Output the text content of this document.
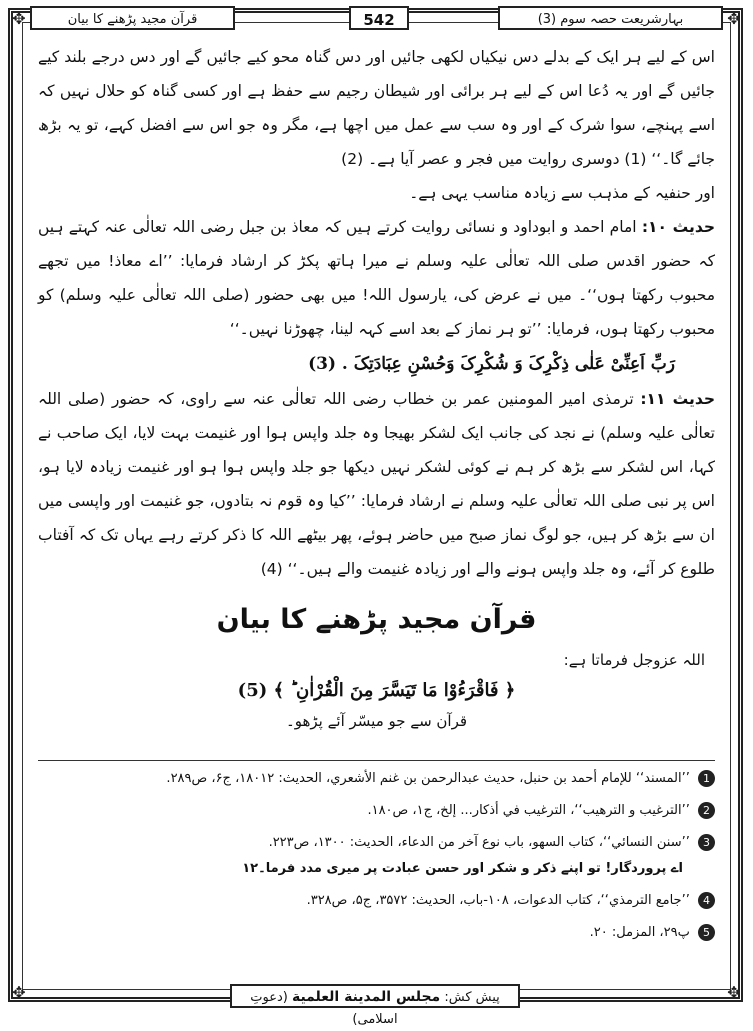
✥	✥
✥	✥
بہارشریعت حصہ سوم (3)
542
قرآن مجید پڑھنے کا بیان

اس کے لیے ہر ایک کے بدلے دس نیکیاں لکھی جائیں اور دس گناہ محو کیے جائیں گے اور دس درجے بلند کیے جائیں گے اور یہ دُعا اس کے لیے ہر برائی اور شیطان رجیم سے حفظ ہے اور کسی گناہ کو حلال نہیں کہ اسے پہنچے، سوا شرک کے اور وہ سب سے عمل میں اچھا ہے، مگر وہ جو اس سے افضل کہے، تو یہ بڑھ جائے گا۔‘‘ (1) دوسری روایت میں فجر و عصر آیا ہے۔ (2)

اور حنفیہ کے مذہب سے زیادہ مناسب یہی ہے۔

حدیث ۱۰: امام احمد و ابوداود و نسائی روایت کرتے ہیں کہ معاذ بن جبل رضی اللہ تعالٰی عنہ کہتے ہیں کہ حضور اقدس صلی اللہ تعالٰی علیہ وسلم نے میرا ہاتھ پکڑ کر ارشاد فرمایا: ’’اے معاذ! میں تجھے محبوب رکھتا ہوں‘‘۔ میں نے عرض کی، یارسول اللہ! میں بھی حضور (صلی اللہ تعالٰی علیہ وسلم) کو محبوب رکھتا ہوں، فرمایا: ’’تو ہر نماز کے بعد اسے کہہ لینا، چھوڑنا نہیں۔‘‘

رَبِّ اَعِنِّیْ عَلٰی ذِکْرِکَ وَ شُکْرِکَ وَحُسْنِ عِبَادَتِکَ . (3)

حدیث ۱۱: ترمذی امیر المومنین عمر بن خطاب رضی اللہ تعالٰی عنہ سے راوی، کہ حضور (صلی اللہ تعالٰی علیہ وسلم) نے نجد کی جانب ایک لشکر بھیجا وہ جلد واپس ہوا اور غنیمت بہت لایا، ایک صاحب نے کہا، اس لشکر سے بڑھ کر ہم نے کوئی لشکر نہیں دیکھا جو جلد واپس ہوا ہو اور غنیمت زیادہ لایا ہو، اس پر نبی صلی اللہ تعالٰی علیہ وسلم نے ارشاد فرمایا: ’’کیا وہ قوم نہ بتادوں، جو غنیمت اور واپسی میں ان سے بڑھ کر ہیں، جو لوگ نماز صبح میں حاضر ہوئے، پھر بیٹھے اللہ کا ذکر کرتے رہے یہاں تک کہ آفتاب طلوع کر آئے، وہ جلد واپس ہونے والے اور زیادہ غنیمت والے ہیں۔‘‘ (4)

قرآن مجید پڑھنے کا بیان
اللہ عزوجل فرماتا ہے:
﴿ فَاقْرَءُوْا مَا تَیَسَّرَ مِنَ الْقُرْاٰنِ ؕ ﴾ (5)
قرآن سے جو میسّر آئے پڑھو۔
1 ’’المسند‘‘ للإمام أحمد بن حنبل، حديث عبدالرحمن بن غنم الأشعري، الحديث: ۱۸۰۱۲، ج۶، ص۲۸۹.
2 ’’الترغيب و الترهيب‘‘، الترغيب في أذكار... إلخ، ج۱، ص۱۸۰.
3 ’’سنن النسائي‘‘، كتاب السهو، باب نوع آخر من الدعاء، الحديث: ۱۳۰۰، ص۲۲۳.
اے پروردگار! تو اپنے ذکر و شکر اور حسن عبادت پر میری مدد فرما۔۱۲
4 ’’جامع الترمذي‘‘، كتاب الدعوات، ۱۰۸-باب، الحديث: ۳۵۷۲، ج۵، ص۳۲۸.
5 پ۲۹، المزمل: ۲۰.
پیش کش: مجلس المدينة العلمية (دعوتِ اسلامی)
